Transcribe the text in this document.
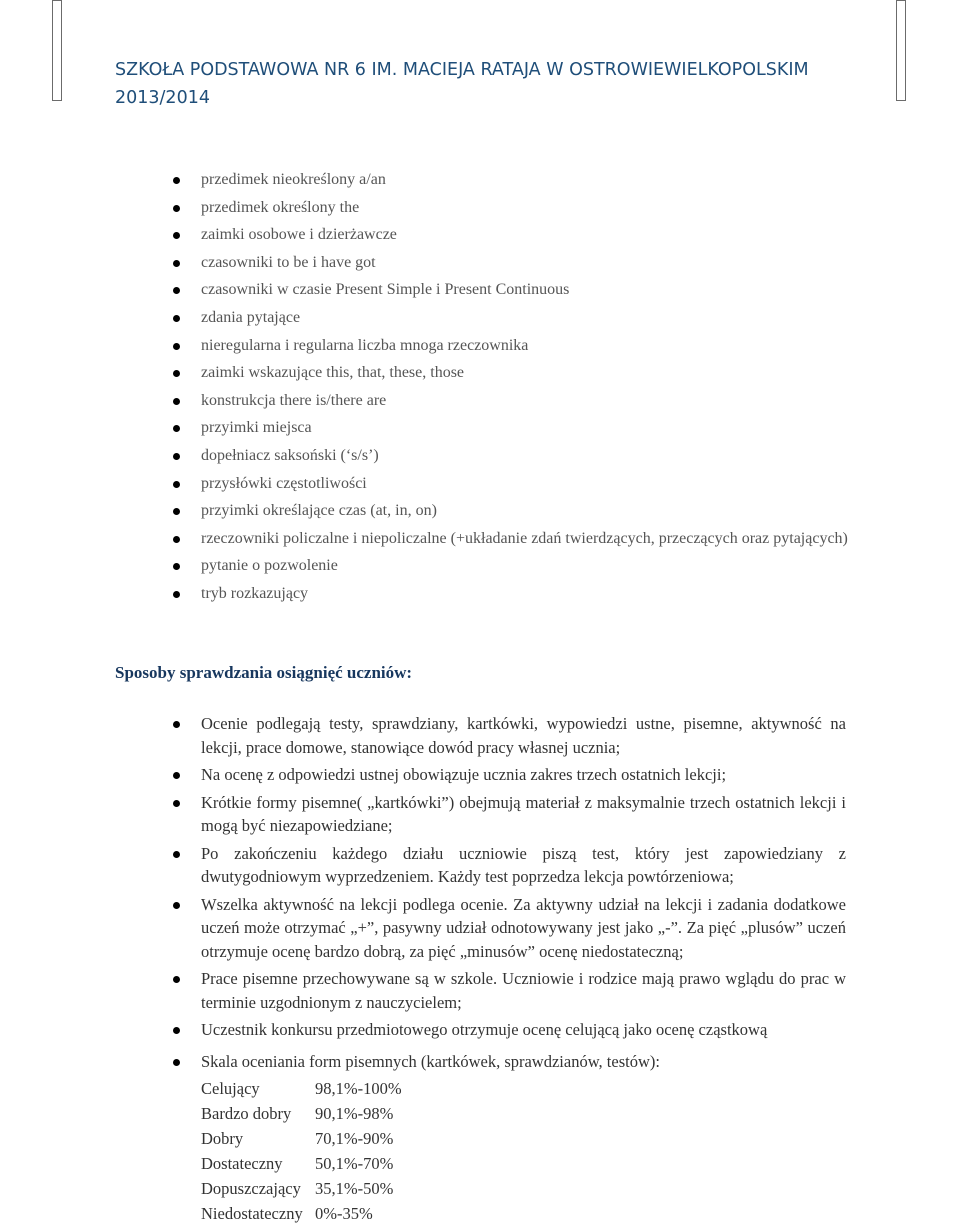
SZKOŁA PODSTAWOWA NR 6 IM. MACIEJA RATAJA W OSTROWIEWIELKOPOLSKIM
2013/2014
przedimek nieokreślony a/an
przedimek określony the
zaimki osobowe i dzierżawcze
czasowniki to be i have got
czasowniki w czasie Present Simple i Present Continuous
zdania pytające
nieregularna i regularna liczba mnoga rzeczownika
zaimki wskazujące this, that, these, those
konstrukcja there is/there are
przyimki miejsca
dopełniacz saksoński (‘s/s’)
przysłówki częstotliwości
przyimki określające czas (at, in, on)
rzeczowniki policzalne i niepoliczalne (+układanie zdań twierdzących, przeczących oraz pytających)
pytanie o pozwolenie
tryb rozkazujący
Sposoby sprawdzania osiągnięć uczniów:
Ocenie podlegają testy, sprawdziany, kartkówki, wypowiedzi ustne, pisemne, aktywność na lekcji, prace domowe, stanowiące dowód pracy własnej ucznia;
Na ocenę z odpowiedzi ustnej obowiązuje ucznia zakres trzech ostatnich lekcji;
Krótkie formy pisemne( „kartkówki”) obejmują materiał z maksymalnie trzech ostatnich lekcji i mogą być niezapowiedziane;
Po zakończeniu każdego działu uczniowie piszą test, który jest zapowiedziany z dwutygodniowym wyprzedzeniem. Każdy test poprzedza lekcja powtórzeniowa;
Wszelka aktywność na lekcji podlega ocenie. Za aktywny udział na lekcji i zadania dodatkowe uczeń może otrzymać „+”, pasywny udział odnotowywany jest jako „-”. Za pięć „plusów” uczeń otrzymuje ocenę bardzo dobrą, za pięć „minusów” ocenę niedostateczną;
Prace pisemne przechowywane są w szkole. Uczniowie i rodzice mają prawo wglądu do prac w terminie uzgodnionym z nauczycielem;
Uczestnik konkursu przedmiotowego otrzymuje ocenę celującą jako ocenę cząstkową
Skala oceniania form pisemnych (kartkówek, sprawdzianów, testów):
Celujący	98,1%-100%
Bardzo dobry	90,1%-98%
Dobry	70,1%-90%
Dostateczny	50,1%-70%
Dopuszczający	35,1%-50%
Niedostateczny	0%-35%
